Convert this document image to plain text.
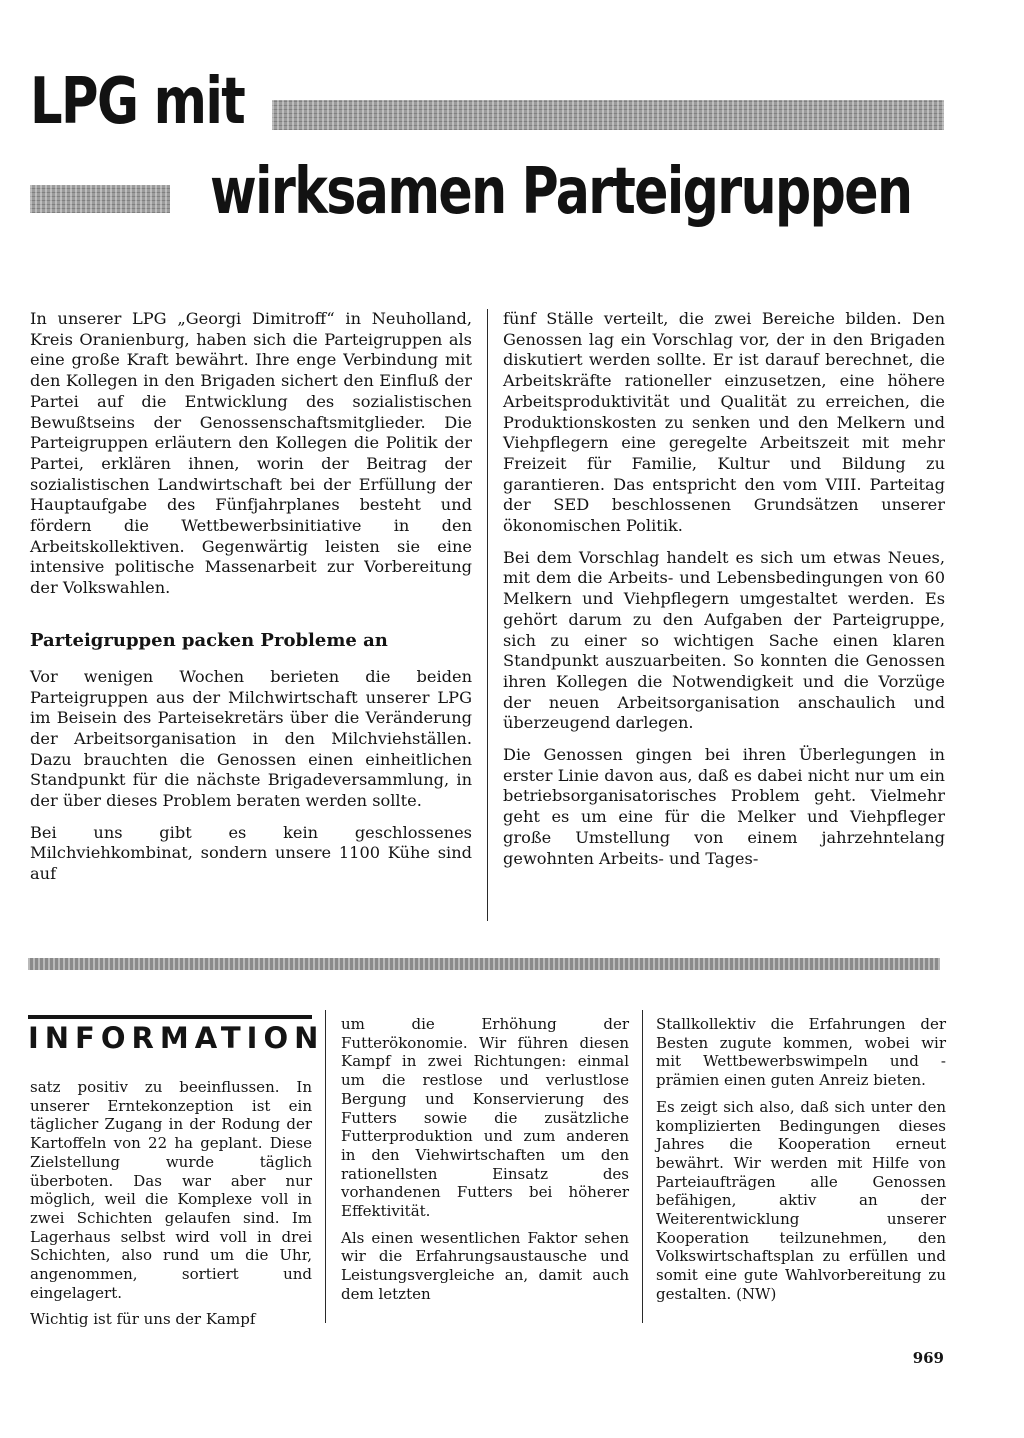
LPG mit
wirksamen Parteigruppen

In unserer LPG „Georgi Dimitroff“ in Neuholland, Kreis Oranienburg, haben sich die Parteigruppen als eine große Kraft bewährt. Ihre enge Verbindung mit den Kollegen in den Brigaden sichert den Einfluß der Partei auf die Entwicklung des sozialistischen Bewußtseins der Genossenschaftsmitglieder. Die Parteigruppen erläutern den Kollegen die Politik der Partei, erklären ihnen, worin der Beitrag der sozialistischen Landwirtschaft bei der Erfüllung der Hauptaufgabe des Fünfjahrplanes besteht und fördern die Wettbewerbsinitiative in den Arbeitskollektiven. Gegenwärtig leisten sie eine intensive politische Massenarbeit zur Vorbereitung der Volkswahlen.

Parteigruppen packen Probleme an

Vor wenigen Wochen berieten die beiden Parteigruppen aus der Milchwirtschaft unserer LPG im Beisein des Parteisekretärs über die Veränderung der Arbeitsorganisation in den Milchviehställen. Dazu brauchten die Genossen einen einheitlichen Standpunkt für die nächste Brigadeversammlung, in der über dieses Problem beraten werden sollte.

Bei uns gibt es kein geschlossenes Milchviehkombinat, sondern unsere 1100 Kühe sind auf

fünf Ställe verteilt, die zwei Bereiche bilden. Den Genossen lag ein Vorschlag vor, der in den Brigaden diskutiert werden sollte. Er ist darauf berechnet, die Arbeitskräfte rationeller einzusetzen, eine höhere Arbeitsproduktivität und Qualität zu erreichen, die Produktionskosten zu senken und den Melkern und Viehpflegern eine geregelte Arbeitszeit mit mehr Freizeit für Familie, Kultur und Bildung zu garantieren. Das entspricht den vom VIII. Parteitag der SED beschlossenen Grundsätzen unserer ökonomischen Politik.

Bei dem Vorschlag handelt es sich um etwas Neues, mit dem die Arbeits- und Lebensbedingungen von 60 Melkern und Viehpflegern umgestaltet werden. Es gehört darum zu den Aufgaben der Parteigruppe, sich zu einer so wichtigen Sache einen klaren Standpunkt auszuarbeiten. So konnten die Genossen ihren Kollegen die Notwendigkeit und die Vorzüge der neuen Arbeitsorganisation anschaulich und überzeugend darlegen.

Die Genossen gingen bei ihren Überlegungen in erster Linie davon aus, daß es dabei nicht nur um ein betriebsorganisatorisches Problem geht. Vielmehr geht es um eine für die Melker und Viehpfleger große Umstellung von einem jahrzehntelang gewohnten Arbeits- und Tages-

INFORMATION

satz positiv zu beeinflussen. In unserer Erntekonzeption ist ein täglicher Zugang in der Rodung der Kartoffeln von 22 ha geplant. Diese Zielstellung wurde täglich überboten. Das war aber nur möglich, weil die Komplexe voll in zwei Schichten gelaufen sind. Im Lagerhaus selbst wird voll in drei Schichten, also rund um die Uhr, angenommen, sortiert und eingelagert.

Wichtig ist für uns der Kampf

um die Erhöhung der Futterökonomie. Wir führen diesen Kampf in zwei Richtungen: einmal um die restlose und verlustlose Bergung und Konservierung des Futters sowie die zusätzliche Futterproduktion und zum anderen in den Viehwirtschaften um den rationellsten Einsatz des vorhandenen Futters bei höherer Effektivität.

Als einen wesentlichen Faktor sehen wir die Erfahrungsaustausche und Leistungsvergleiche an, damit auch dem letzten

Stallkollektiv die Erfahrungen der Besten zugute kommen, wobei wir mit Wettbewerbswimpeln und -prämien einen guten Anreiz bieten.

Es zeigt sich also, daß sich unter den komplizierten Bedingungen dieses Jahres die Kooperation erneut bewährt. Wir werden mit Hilfe von Parteiaufträgen alle Genossen befähigen, aktiv an der Weiterentwicklung unserer Kooperation teilzunehmen, den Volkswirtschaftsplan zu erfüllen und somit eine gute Wahlvorbereitung zu gestalten. (NW)

969
